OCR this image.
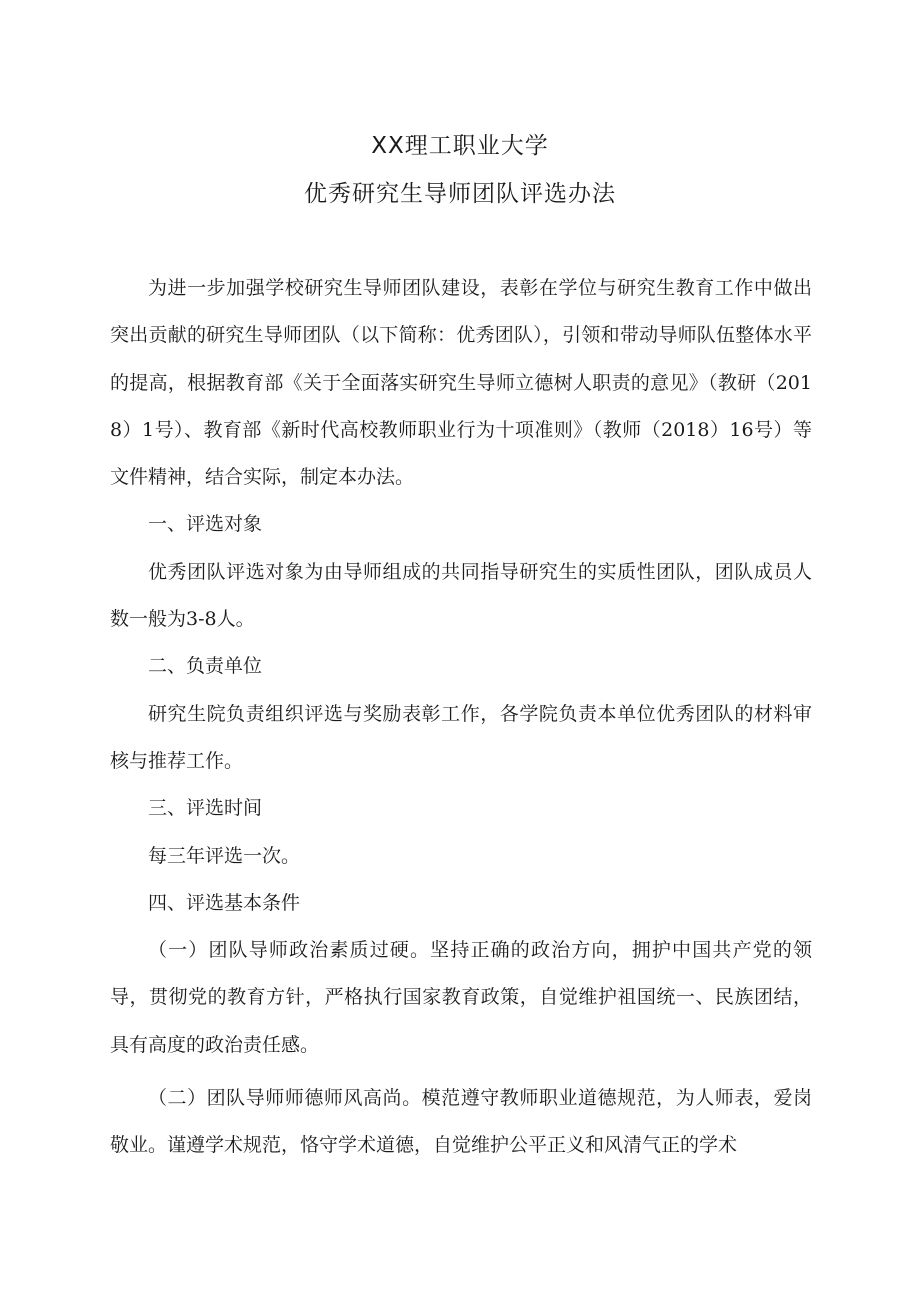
XX理工职业大学
优秀研究生导师团队评选办法

为进一步加强学校研究生导师团队建设，表彰在学位与研究生教育工作中做出突出贡献的研究生导师团队（以下简称：优秀团队），引领和带动导师队伍整体水平的提高，根据教育部《关于全面落实研究生导师立德树人职责的意见》（教研（2018）1号）、教育部《新时代高校教师职业行为十项准则》（教师（2018）16号）等文件精神，结合实际，制定本办法。

一、评选对象

优秀团队评选对象为由导师组成的共同指导研究生的实质性团队，团队成员人数一般为3-8人。

二、负责单位

研究生院负责组织评选与奖励表彰工作，各学院负责本单位优秀团队的材料审核与推荐工作。

三、评选时间

每三年评选一次。

四、评选基本条件

（一）团队导师政治素质过硬。坚持正确的政治方向，拥护中国共产党的领导，贯彻党的教育方针，严格执行国家教育政策，自觉维护祖国统一、民族团结，具有高度的政治责任感。

（二）团队导师师德师风高尚。模范遵守教师职业道德规范，为人师表，爱岗敬业。谨遵学术规范，恪守学术道德，自觉维护公平正义和风清气正的学术
